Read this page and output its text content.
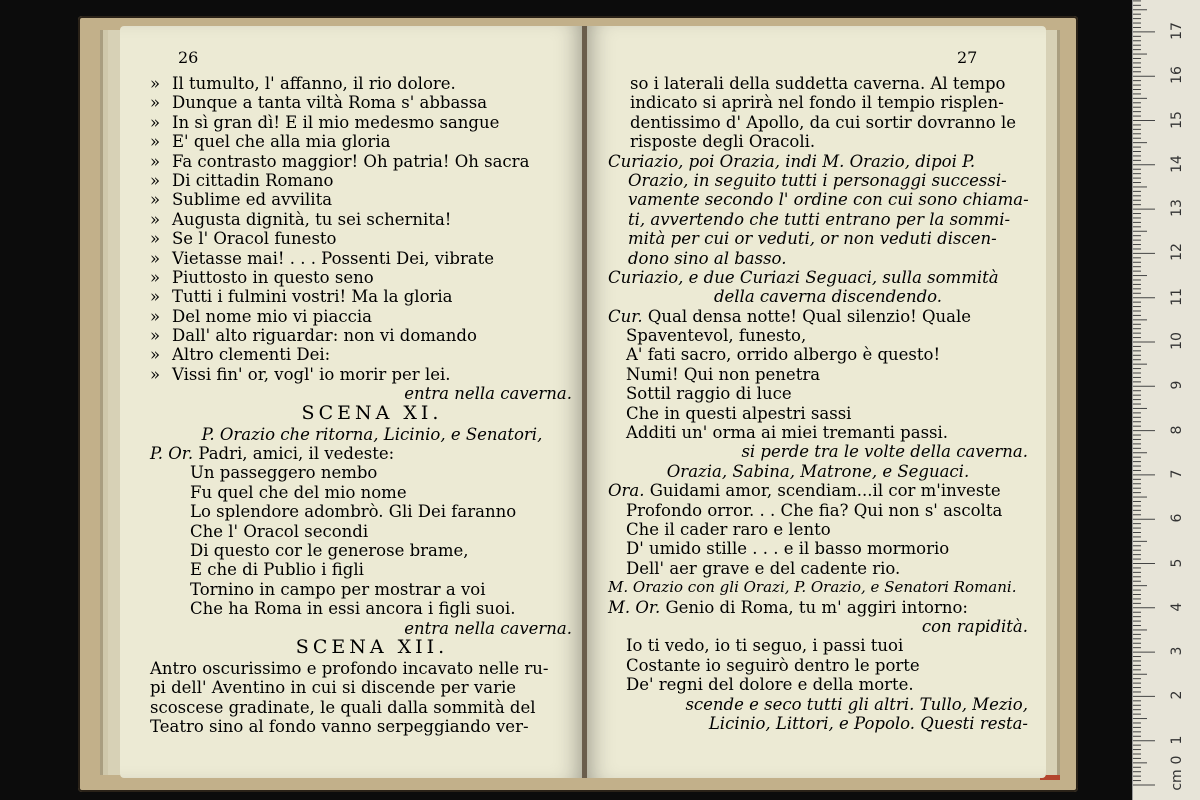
26	27
» Il tumulto, l' affanno, il rio dolore.
» Dunque a tanta viltà Roma s' abbassa
» In sì gran dì! E il mio medesmo sangue
» E' quel che alla mia gloria
» Fa contrasto maggior! Oh patria! Oh sacra
» Di cittadin Romano
» Sublime ed avvilita
» Augusta dignità, tu sei schernita!
» Se l' Oracol funesto
» Vietasse mai! . . . Possenti Dei, vibrate
» Piuttosto in questo seno
» Tutti i fulmini vostri! Ma la gloria
» Del nome mio vi piaccia
» Dall' alto riguardar: non vi domando
» Altro clementi Dei:
» Vissi fin' or, vogl' io morir per lei.
entra nella caverna.
SCENA XI.
P. Orazio che ritorna, Licinio, e Senatori,
P. Or. Padri, amici, il vedeste:
Un passeggero nembo
Fu quel che del mio nome
Lo splendore adombrò. Gli Dei faranno
Che l' Oracol secondi
Di questo cor le generose brame,
E che di Publio i figli
Tornino in campo per mostrar a voi
Che ha Roma in essi ancora i figli suoi.
entra nella caverna.
SCENA XII.
Antro oscurissimo e profondo incavato nelle ru-
pi dell' Aventino in cui si discende per varie
scoscese gradinate, le quali dalla sommità del
Teatro sino al fondo vanno serpeggiando ver-
so i laterali della suddetta caverna. Al tempo
indicato si aprirà nel fondo il tempio risplen-
dentissimo d' Apollo, da cui sortir dovranno le
risposte degli Oracoli.
Curiazio, poi Orazia, indi M. Orazio, dipoi P.
Orazio, in seguito tutti i personaggi successi-
vamente secondo l' ordine con cui sono chiama-
ti, avvertendo che tutti entrano per la sommi-
mità per cui or veduti, or non veduti discen-
dono sino al basso.
Curiazio, e due Curiazi Seguaci, sulla sommità
della caverna discendendo.
Cur. Qual densa notte! Qual silenzio! Quale
Spaventevol, funesto,
A' fati sacro, orrido albergo è questo!
Numi! Qui non penetra
Sottil raggio di luce
Che in questi alpestri sassi
Additi un' orma ai miei tremanti passi.
si perde tra le volte della caverna.
Orazia, Sabina, Matrone, e Seguaci.
Ora. Guidami amor, scendiam...il cor m'investe
Profondo orror. . . Che fia? Qui non s' ascolta
Che il cader raro e lento
D' umido stille . . . e il basso mormorio
Dell' aer grave e del cadente rio.
M. Orazio con gli Orazi, P. Orazio, e Senatori Romani.
M. Or. Genio di Roma, tu m' aggiri intorno:
con rapidità.
Io ti vedo, io ti seguo, i passi tuoi
Costante io seguirò dentro le porte
De' regni del dolore e della morte.
scende e seco tutti gli altri. Tullo, Mezio,
Licinio, Littori, e Popolo. Questi resta-
1
2
3
4
5
6
7
8
9
10
11
12
13
14
15
16
17
0
cm
